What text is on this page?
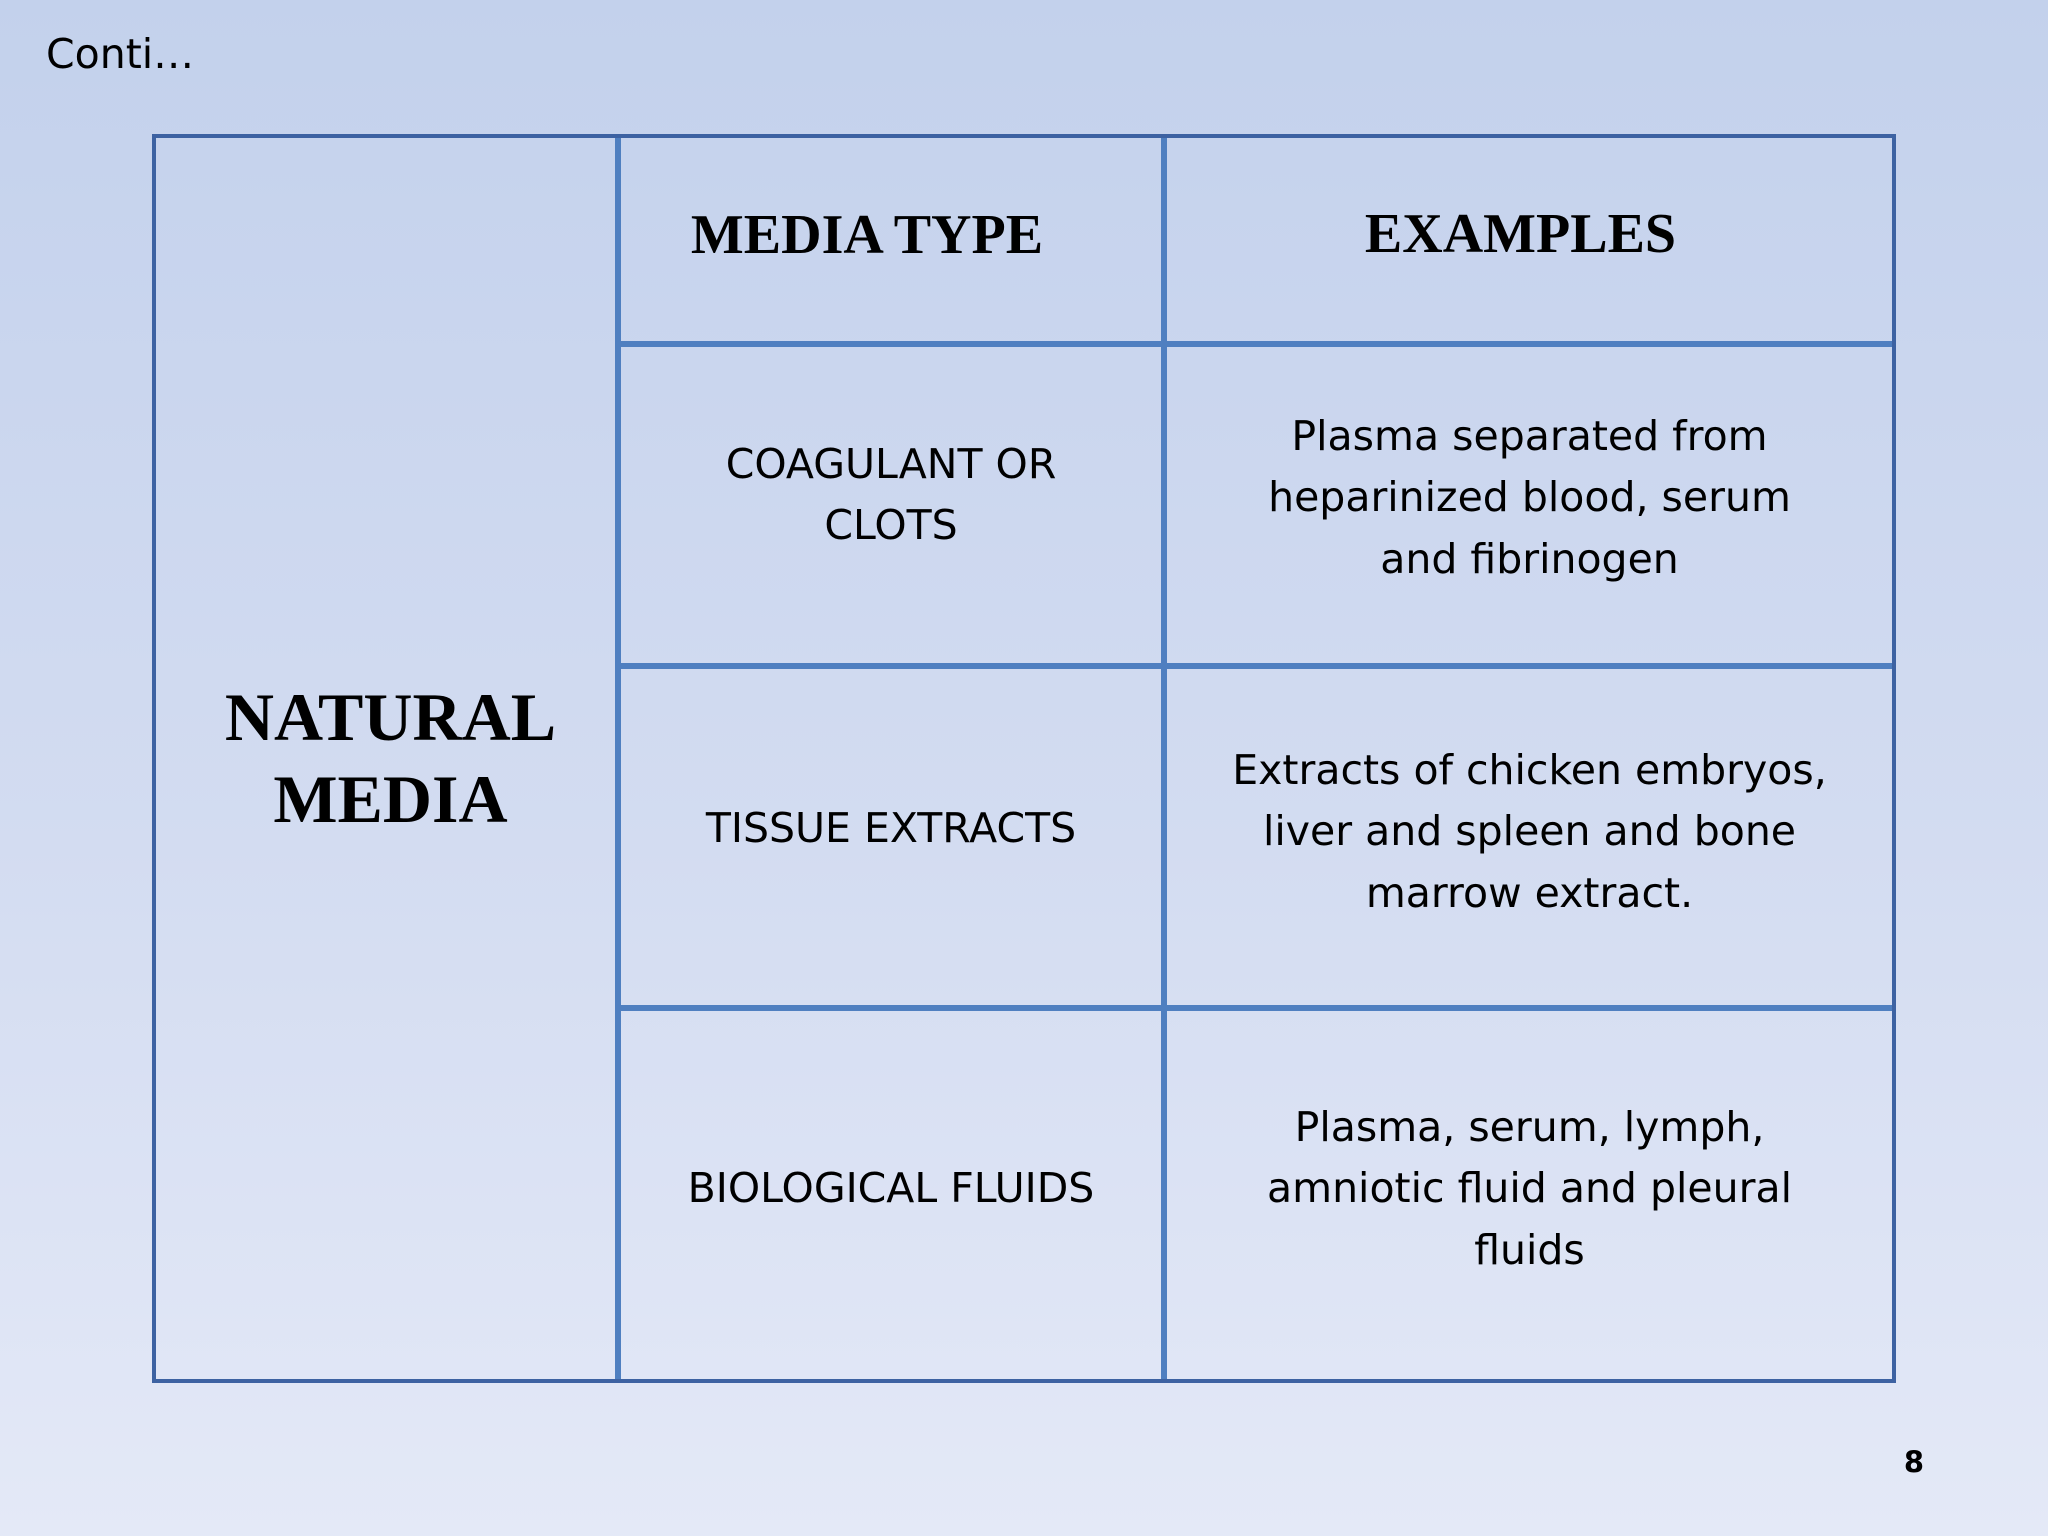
Conti…
NATURAL
MEDIA
MEDIA TYPE	EXAMPLES
COAGULANT OR CLOTS
Plasma separated from heparinized blood, serum and fibrinogen
TISSUE EXTRACTS
Extracts of chicken embryos, liver and spleen and bone marrow extract.
BIOLOGICAL FLUIDS
Plasma, serum, lymph, amniotic fluid and pleural fluids
8
